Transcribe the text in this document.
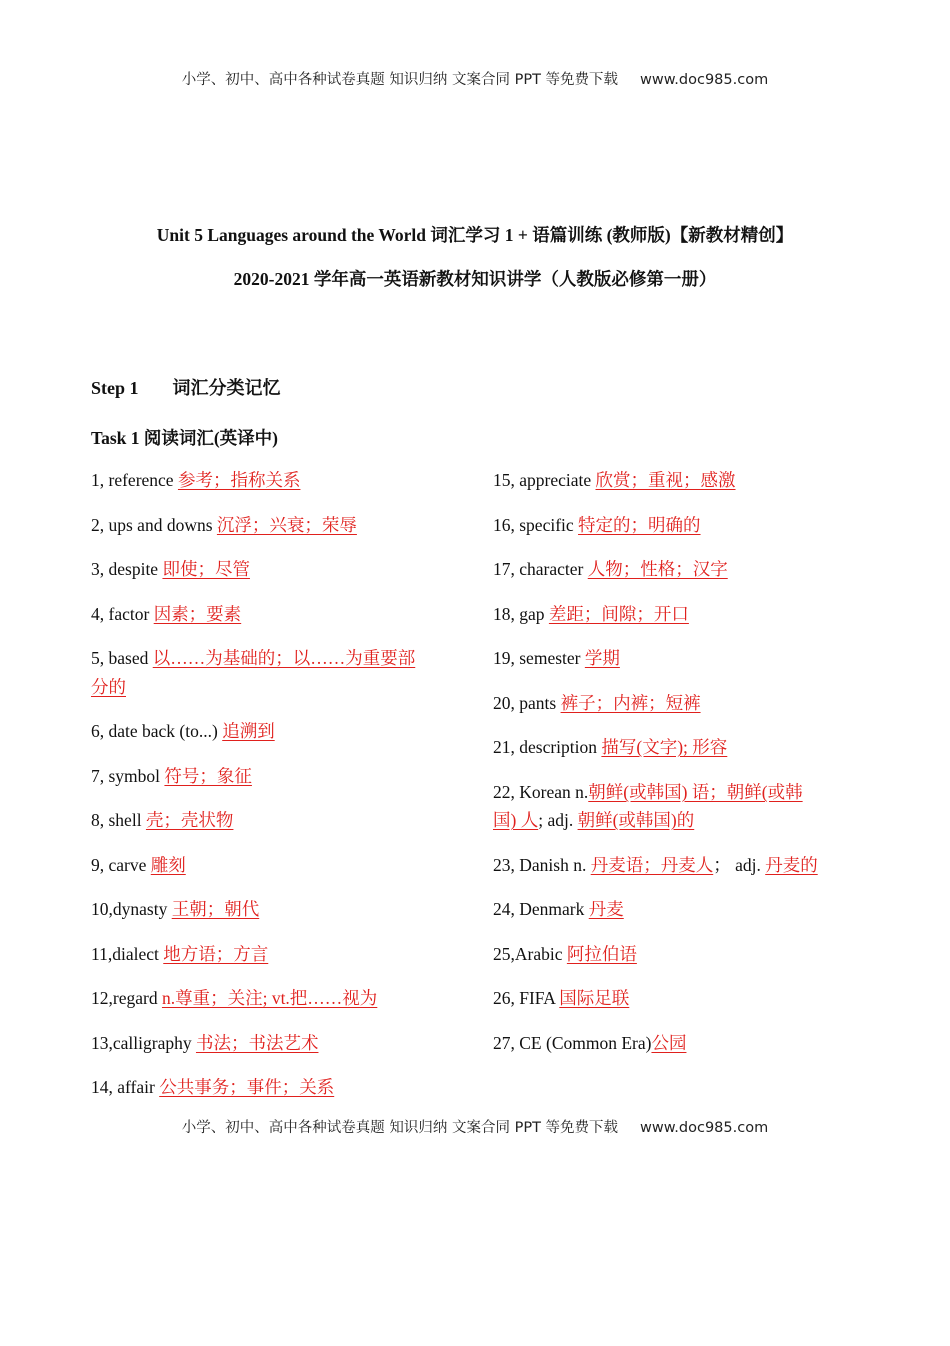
小学、初中、高中各种试卷真题 知识归纳 文案合同 PPT 等免费下载 www.doc985.com
Unit 5 Languages around the World 词汇学习 1 + 语篇训练 (教师版)【新教材精创】
2020-2021 学年高一英语新教材知识讲学（人教版必修第一册）
Step 1 词汇分类记忆
Task 1 阅读词汇(英译中)
1, reference 参考；指称关系
2, ups and downs 沉浮；兴衰；荣辱
3, despite 即使；尽管
4, factor 因素；要素
5, based 以……为基础的；以……为重要部
分的
6, date back (to...) 追溯到
7, symbol 符号；象征
8, shell 壳；壳状物
9, carve 雕刻
10,dynasty 王朝；朝代
11,dialect 地方语；方言
12,regard n.尊重；关注; vt.把……视为
13,calligraphy 书法；书法艺术
14, affair 公共事务；事件；关系
15, appreciate 欣赏；重视；感激
16, specific 特定的；明确的
17, character 人物；性格；汉字
18, gap 差距；间隙；开口
19, semester 学期
20, pants 裤子；内裤；短裤
21, description 描写(文字); 形容
22, Korean n.朝鲜(或韩国) 语；朝鲜(或韩
国) 人; adj. 朝鲜(或韩国)的
23, Danish n. 丹麦语；丹麦人； adj. 丹麦的
24, Denmark 丹麦
25,Arabic 阿拉伯语
26, FIFA 国际足联
27, CE (Common Era)公园
小学、初中、高中各种试卷真题 知识归纳 文案合同 PPT 等免费下载 www.doc985.com
